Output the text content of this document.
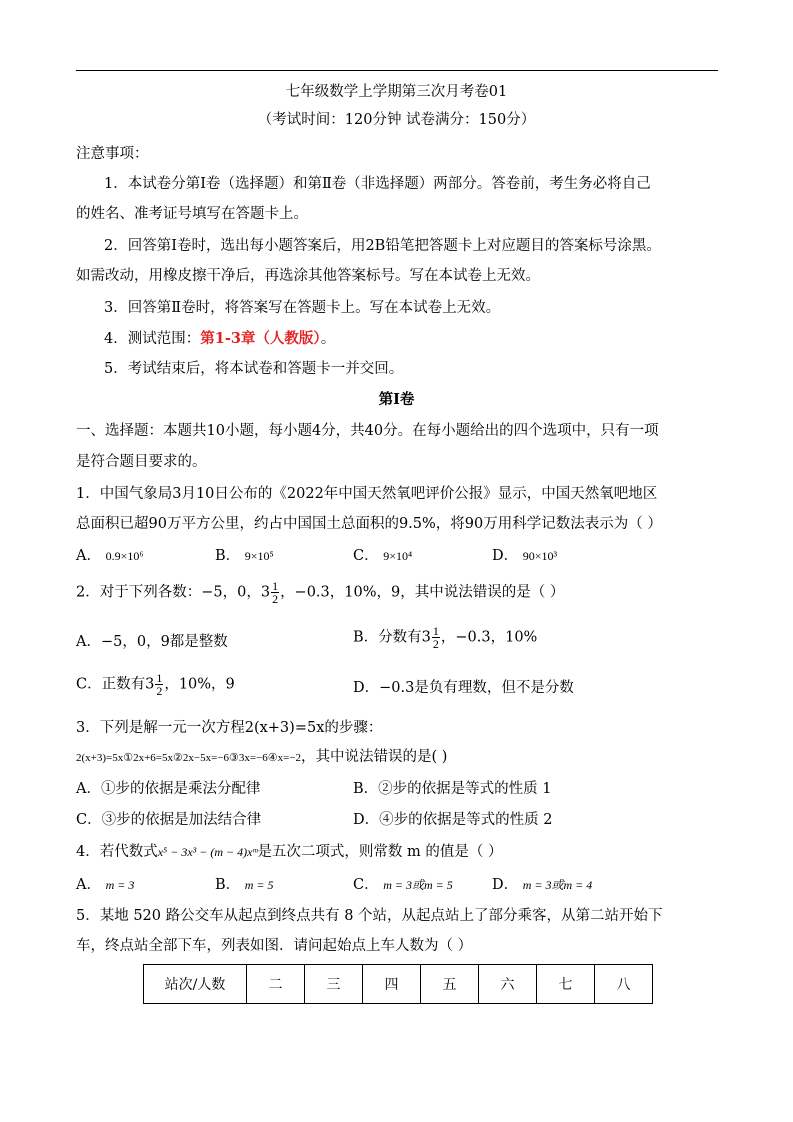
七年级数学上学期第三次月考卷01
（考试时间：120分钟 试卷满分：150分）
注意事项：
1．本试卷分第Ⅰ卷（选择题）和第Ⅱ卷（非选择题）两部分。答卷前，考生务必将自己
的姓名、准考证号填写在答题卡上。
2．回答第Ⅰ卷时，选出每小题答案后，用2B铅笔把答题卡上对应题目的答案标号涂黑。
如需改动，用橡皮擦干净后，再选涂其他答案标号。写在本试卷上无效。
3．回答第Ⅱ卷时，将答案写在答题卡上。写在本试卷上无效。
4．测试范围：第1-3章（人教版）。
5．考试结束后，将本试卷和答题卡一并交回。
第Ⅰ卷
一、选择题：本题共10小题，每小题4分，共40分。在每小题给出的四个选项中，只有一项
是符合题目要求的。
1．中国气象局3月10日公布的《2022年中国天然氧吧评价公报》显示，中国天然氧吧地区
总面积已超90万平方公里，约占中国国土总面积的9.5%，将90万用科学记数法表示为（ ）
A． 0.9×10⁶	B． 9×10⁵	C． 9×10⁴	D． 90×10³
2．对于下列各数：−5，0，$3 \frac{1}{2}$ ，−0.3，10%，9，其中说法错误的是（ ）
A．−5，0，9都是整数	B．分数有$3 \frac{1}{2}$ ，−0.3，10%
C．正数有$3 \frac{1}{2}$ ，10%，9	D．−0.3是负有理数，但不是分数
3．下列是解一元一次方程2(x+3)=5x的步骤：
2(x+3)=5x①2x+6=5x②2x−5x=−6③3x=−6④x=−2，其中说法错误的是( )
A．①步的依据是乘法分配律	B．②步的依据是等式的性质 1
C．③步的依据是加法结合律	D．④步的依据是等式的性质 2
4．若代数式x⁵ − 3x³ − (m − 4)xᵐ是五次二项式，则常数 m 的值是（ ）
A． m = 3	B． m = 5	C． m = 3或m = 5	D． m = 3或m = 4
5．某地 520 路公交车从起点到终点共有 8 个站，从起点站上了部分乘客，从第二站开始下
车，终点站全部下车，列表如图．请问起始点上车人数为（ ）
站次/人数	二	三	四	五	六	七	八
